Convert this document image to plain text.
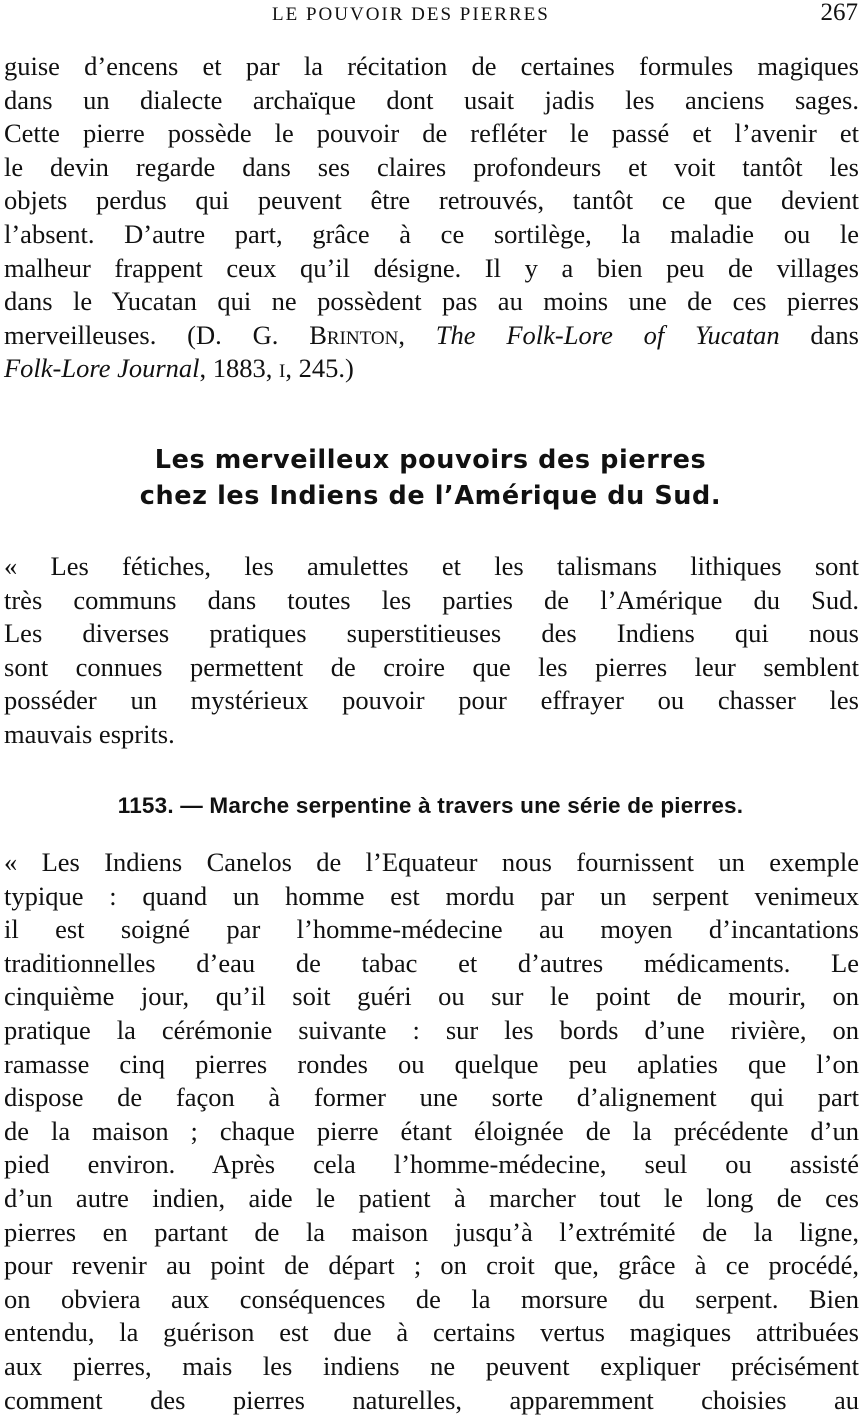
LE POUVOIR DES PIERRES	267

guise d’encens et par la récitation de certaines formules magiques
dans un dialecte archaïque dont usait jadis les anciens sages.
Cette pierre possède le pouvoir de refléter le passé et l’avenir et
le devin regarde dans ses claires profondeurs et voit tantôt les
objets perdus qui peuvent être retrouvés, tantôt ce que devient
l’absent. D’autre part, grâce à ce sortilège, la maladie ou le
malheur frappent ceux qu’il désigne. Il y a bien peu de villages
dans le Yucatan qui ne possèdent pas au moins une de ces pierres
merveilleuses. (D. G. Brinton, The Folk-Lore of Yucatan dans
Folk-Lore Journal, 1883, i, 245.)

Les merveilleux pouvoirs des pierres
chez les Indiens de l’Amérique du Sud.

« Les fétiches, les amulettes et les talismans lithiques sont
très communs dans toutes les parties de l’Amérique du Sud.
Les diverses pratiques superstitieuses des Indiens qui nous
sont connues permettent de croire que les pierres leur semblent
posséder un mystérieux pouvoir pour effrayer ou chasser les
mauvais esprits.

1153. — Marche serpentine à travers une série de pierres.

« Les Indiens Canelos de l’Equateur nous fournissent un exemple
typique : quand un homme est mordu par un serpent venimeux
il est soigné par l’homme-médecine au moyen d’incantations
traditionnelles d’eau de tabac et d’autres médicaments. Le
cinquième jour, qu’il soit guéri ou sur le point de mourir, on
pratique la cérémonie suivante : sur les bords d’une rivière, on
ramasse cinq pierres rondes ou quelque peu aplaties que l’on
dispose de façon à former une sorte d’alignement qui part
de la maison ; chaque pierre étant éloignée de la précédente d’un
pied environ. Après cela l’homme-médecine, seul ou assisté
d’un autre indien, aide le patient à marcher tout le long de ces
pierres en partant de la maison jusqu’à l’extrémité de la ligne,
pour revenir au point de départ ; on croit que, grâce à ce procédé,
on obviera aux conséquences de la morsure du serpent. Bien
entendu, la guérison est due à certains vertus magiques attribuées
aux pierres, mais les indiens ne peuvent expliquer précisément
comment des pierres naturelles, apparemment choisies au
